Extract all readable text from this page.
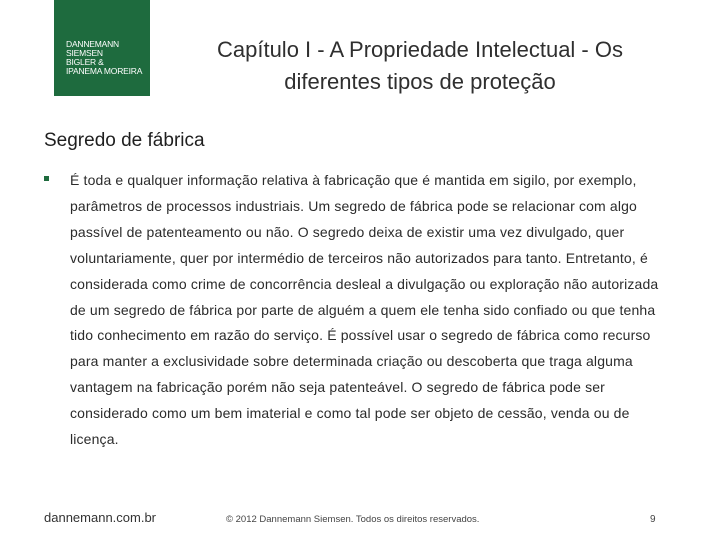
DANNEMANN
SIEMSEN
BIGLER &
IPANEMA MOREIRA
Capítulo I - A Propriedade Intelectual - Os
diferentes tipos de proteção
Segredo de fábrica

É toda e qualquer informação relativa à fabricação que é mantida em sigilo, por exemplo, parâmetros de processos industriais. Um segredo de fábrica pode se relacionar com algo passível de patenteamento ou não. O segredo deixa de existir uma vez divulgado, quer voluntariamente, quer por intermédio de terceiros não autorizados para tanto. Entretanto, é considerada como crime de concorrência desleal a divulgação ou exploração não autorizada de um segredo de fábrica por parte de alguém a quem ele tenha sido confiado ou que tenha tido conhecimento em razão do serviço. É possível usar o segredo de fábrica como recurso para manter a exclusividade sobre determinada criação ou descoberta que traga alguma vantagem na fabricação porém não seja patenteável. O segredo de fábrica pode ser considerado como um bem imaterial e como tal pode ser objeto de cessão, venda ou de licença.

dannemann.com.br	© 2012 Dannemann Siemsen. Todos os direitos reservados.	9
